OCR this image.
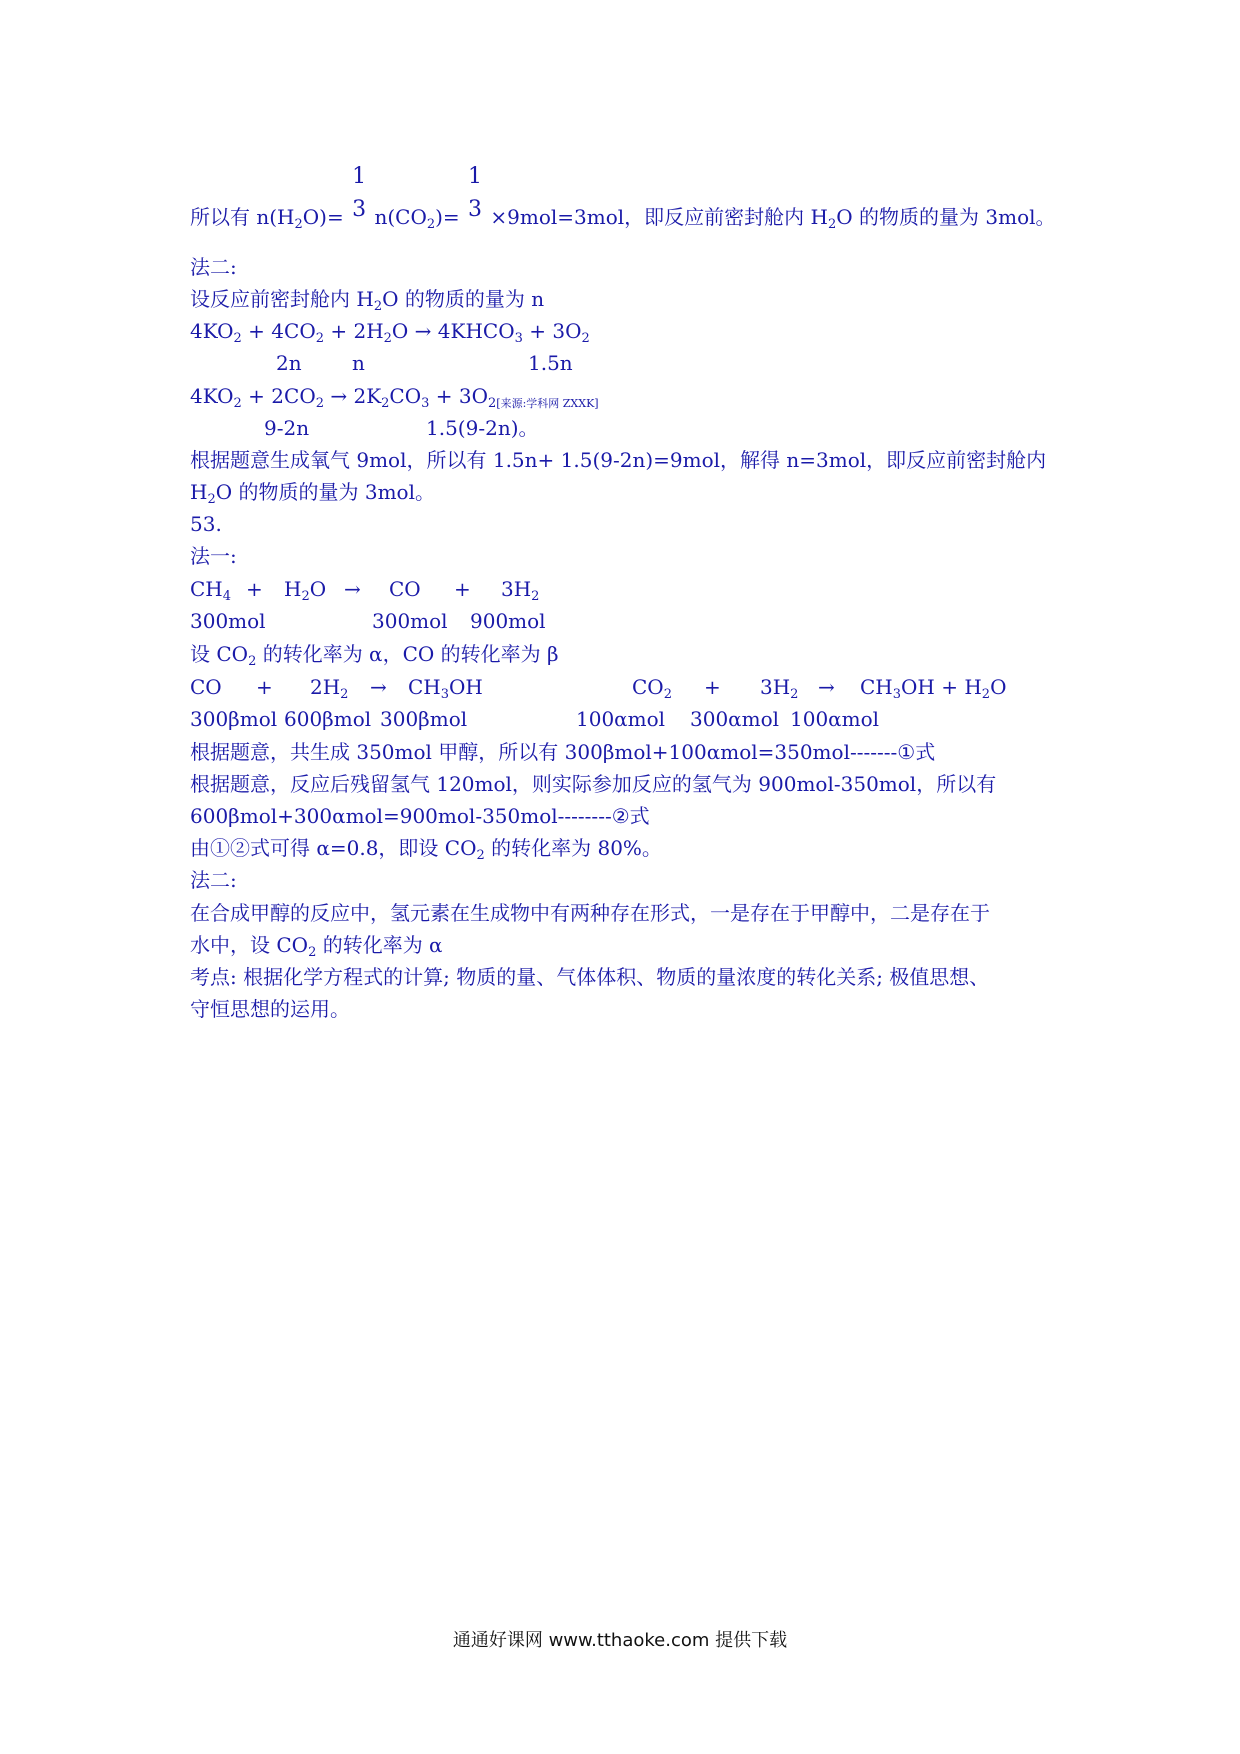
所以有 $n(H_2O)=$
1
3 $n(CO_2)=$
1
3 ×9mol=3mol，即反应前密封舱内 $H_2O$ 的物质的量为 3mol。
法二:
设反应前密封舱内 $H_2O$ 的物质的量为 n
$4KO_2 + 4CO_2 + 2H_2O$ → $4KHCO_3 + 3O_2$
2n	n	1.5n
$4KO_2 + 2CO_2 \to 2K_2CO_3 + 3O_{2[来源:学科网 ZXXK]}$
9-2n	1.5(9-2n)。
根据题意生成氧气 9mol，所以有 1.5n+ 1.5(9-2n)=9mol，解得 n=3mol，即反应前密封舱内
$H_2O$ 的物质的量为 3mol。
53.
法一:
$CH_4 + H_2O$ → CO + $3H_2$
300mol	300mol 900mol
设 $CO_2$ 的转化率为 α，CO 的转化率为 β
CO + $2H_2 \to CH_3OH$	$CO_2 + 3H_2 \to CH_3OH + H_2O$
300βmol 600βmol 300βmol	100αmol 300αmol 100αmol
根据题意，共生成 350mol 甲醇，所以有 300βmol+100αmol=350mol-------①式
根据题意，反应后残留氢气 120mol，则实际参加反应的氢气为 900mol-350mol，所以有
600βmol+300αmol=900mol-350mol--------②式
由①②式可得 α=0.8，即设 $CO_2$ 的转化率为 80%。
法二:
在合成甲醇的反应中，氢元素在生成物中有两种存在形式，一是存在于甲醇中，二是存在于
水中，设 $CO_2$ 的转化率为 α
考点: 根据化学方程式的计算; 物质的量、气体体积、物质的量浓度的转化关系; 极值思想、
守恒思想的运用。
通通好课网 www.tthaoke.com 提供下载
